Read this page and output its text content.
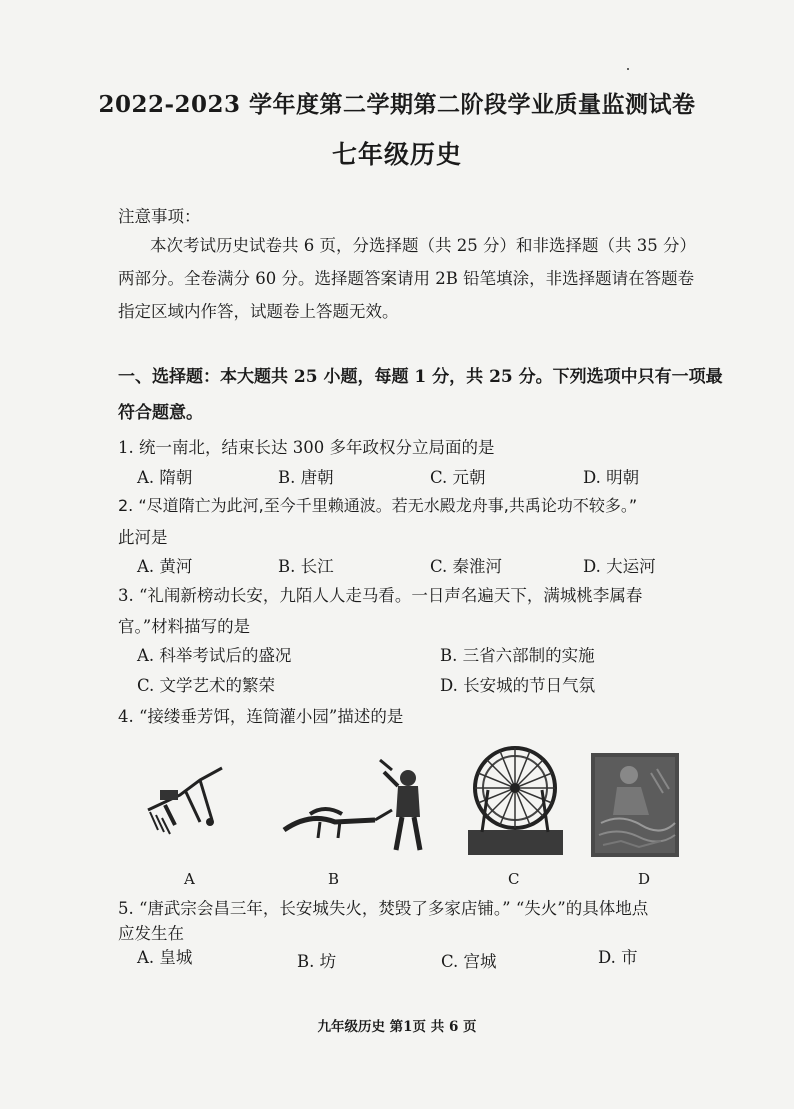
2022-2023 学年度第二学期第二阶段学业质量监测试卷
七年级历史
注意事项：
本次考试历史试卷共 6 页，分选择题（共 25 分）和非选择题（共 35 分）
两部分。全卷满分 60 分。选择题答案请用 2B 铅笔填涂，非选择题请在答题卷
指定区域内作答，试题卷上答题无效。
一、选择题：本大题共 25 小题，每题 1 分，共 25 分。下列选项中只有一项最
符合题意。
1. 统一南北，结束长达 300 多年政权分立局面的是
A. 隋朝	B. 唐朝	C. 元朝	D. 明朝
2. “尽道隋亡为此河,至今千里赖通波。若无水殿龙舟事,共禹论功不较多。”
此河是
A. 黄河	B. 长江	C. 秦淮河	D. 大运河
3. “礼闱新榜动长安，九陌人人走马看。一日声名遍天下，满城桃李属春
官。”材料描写的是
A. 科举考试后的盛况	B. 三省六部制的实施
C. 文学艺术的繁荣	D. 长安城的节日气氛
4. “接缕垂芳饵，连筒灌小园”描述的是
A	B	C	D
5. “唐武宗会昌三年，长安城失火，焚毁了多家店铺。” “失火”的具体地点
应发生在
A. 皇城	B. 坊	C. 宫城	D. 市
九年级历史 第1页 共 6 页
